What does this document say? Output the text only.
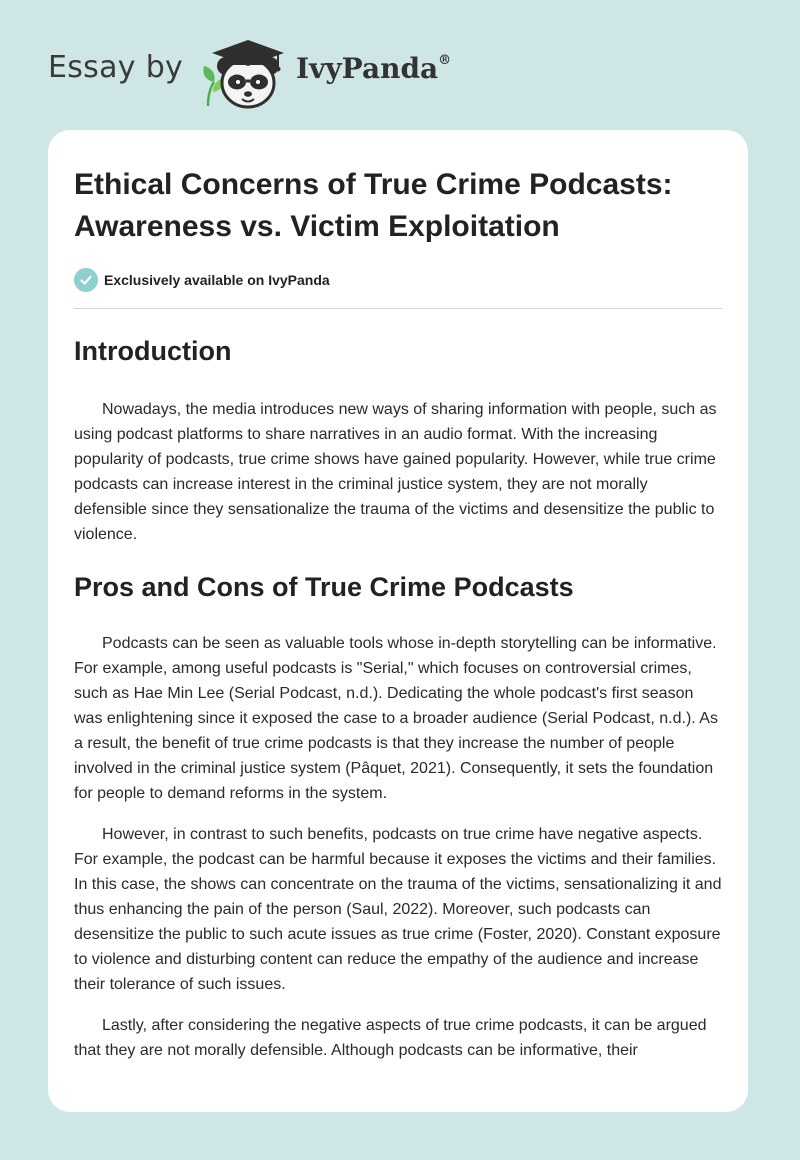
Essay by	IvyPanda®
Ethical Concerns of True Crime Podcasts: Awareness vs. Victim Exploitation
Exclusively available on IvyPanda
Introduction

Nowadays, the media introduces new ways of sharing information with people, such as using podcast platforms to share narratives in an audio format. With the increasing popularity of podcasts, true crime shows have gained popularity. However, while true crime podcasts can increase interest in the criminal justice system, they are not morally defensible since they sensationalize the trauma of the victims and desensitize the public to violence.

Pros and Cons of True Crime Podcasts

Podcasts can be seen as valuable tools whose in-depth storytelling can be informative. For example, among useful podcasts is "Serial," which focuses on controversial crimes, such as Hae Min Lee (Serial Podcast, n.d.). Dedicating the whole podcast's first season was enlightening since it exposed the case to a broader audience (Serial Podcast, n.d.). As a result, the benefit of true crime podcasts is that they increase the number of people involved in the criminal justice system (Pâquet, 2021). Consequently, it sets the foundation for people to demand reforms in the system.

However, in contrast to such benefits, podcasts on true crime have negative aspects. For example, the podcast can be harmful because it exposes the victims and their families. In this case, the shows can concentrate on the trauma of the victims, sensationalizing it and thus enhancing the pain of the person (Saul, 2022). Moreover, such podcasts can desensitize the public to such acute issues as true crime (Foster, 2020). Constant exposure to violence and disturbing content can reduce the empathy of the audience and increase their tolerance of such issues.

Lastly, after considering the negative aspects of true crime podcasts, it can be argued that they are not morally defensible. Although podcasts can be informative, their
